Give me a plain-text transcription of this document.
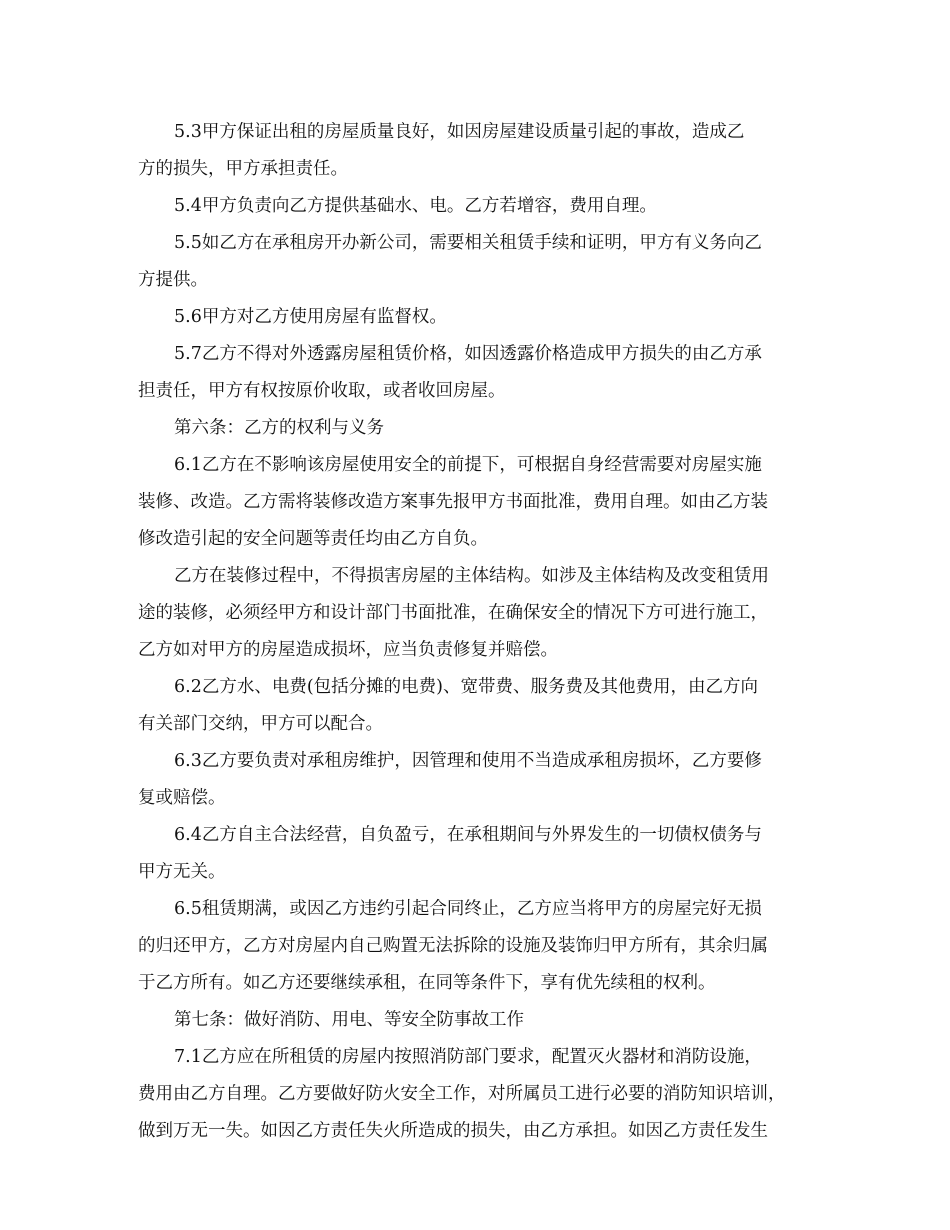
5.3甲方保证出租的房屋质量良好，如因房屋建设质量引起的事故，造成乙
方的损失，甲方承担责任。
5.4甲方负责向乙方提供基础水、电。乙方若增容，费用自理。
5.5如乙方在承租房开办新公司，需要相关租赁手续和证明，甲方有义务向乙
方提供。
5.6甲方对乙方使用房屋有监督权。
5.7乙方不得对外透露房屋租赁价格，如因透露价格造成甲方损失的由乙方承
担责任，甲方有权按原价收取，或者收回房屋。
第六条：乙方的权利与义务
6.1乙方在不影响该房屋使用安全的前提下，可根据自身经营需要对房屋实施
装修、改造。乙方需将装修改造方案事先报甲方书面批准，费用自理。如由乙方装
修改造引起的安全问题等责任均由乙方自负。
乙方在装修过程中，不得损害房屋的主体结构。如涉及主体结构及改变租赁用
途的装修，必须经甲方和设计部门书面批准，在确保安全的情况下方可进行施工，
乙方如对甲方的房屋造成损坏，应当负责修复并赔偿。
6.2乙方水、电费(包括分摊的电费)、宽带费、服务费及其他费用，由乙方向
有关部门交纳，甲方可以配合。
6.3乙方要负责对承租房维护，因管理和使用不当造成承租房损坏，乙方要修
复或赔偿。
6.4乙方自主合法经营，自负盈亏，在承租期间与外界发生的一切债权债务与
甲方无关。
6.5租赁期满，或因乙方违约引起合同终止，乙方应当将甲方的房屋完好无损
的归还甲方，乙方对房屋内自己购置无法拆除的设施及装饰归甲方所有，其余归属
于乙方所有。如乙方还要继续承租，在同等条件下，享有优先续租的权利。
第七条：做好消防、用电、等安全防事故工作
7.1乙方应在所租赁的房屋内按照消防部门要求，配置灭火器材和消防设施，
费用由乙方自理。乙方要做好防火安全工作，对所属员工进行必要的消防知识培训，
做到万无一失。如因乙方责任失火所造成的损失，由乙方承担。如因乙方责任发生
